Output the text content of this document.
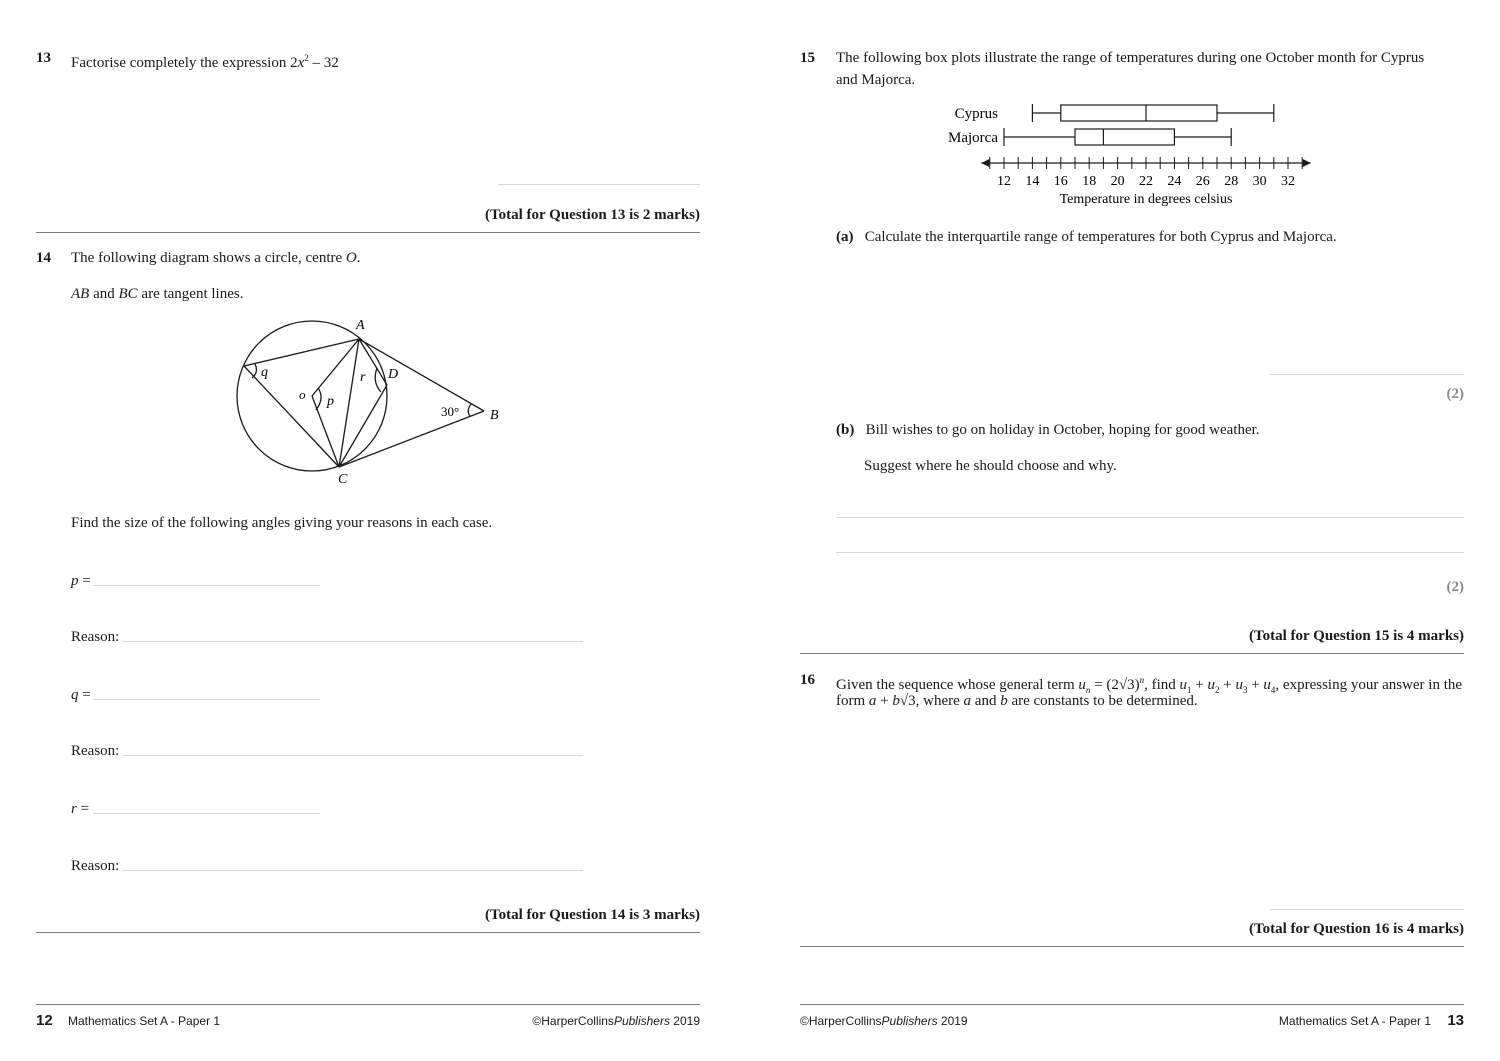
13 Factorise completely the expression $2x^2 - 32$
(Total for Question 13 is 2 marks)
14 The following diagram shows a circle, centre O.
AB and BC are tangent lines.
A
B
C
D
o p
q	r
30°
Find the size of the following angles giving your reasons in each case.
p =
Reason:
q =
Reason:
r =
Reason:
(Total for Question 14 is 3 marks)
12 Mathematics Set A - Paper 1	©HarperCollinsPublishers 2019
15 The following box plots illustrate the range of temperatures during one October month for Cyprus
and Majorca.
Cyprus
Majorca
12 14 16 18 20 22 24 26 28 30 32
Temperature in degrees celsius
(a) Calculate the interquartile range of temperatures for both Cyprus and Majorca.
(2)
(b) Bill wishes to go on holiday in October, hoping for good weather.
Suggest where he should choose and why.
(2)
(Total for Question 15 is 4 marks)
16 Given the sequence whose general term $u_n = (2√3)^n$, find $u_1 + u_2 + u_3 + u_4$, expressing your answer in the
form a + b√3, where a and b are constants to be determined.
(Total for Question 16 is 4 marks)
©HarperCollinsPublishers 2019	Mathematics Set A - Paper 1 13
